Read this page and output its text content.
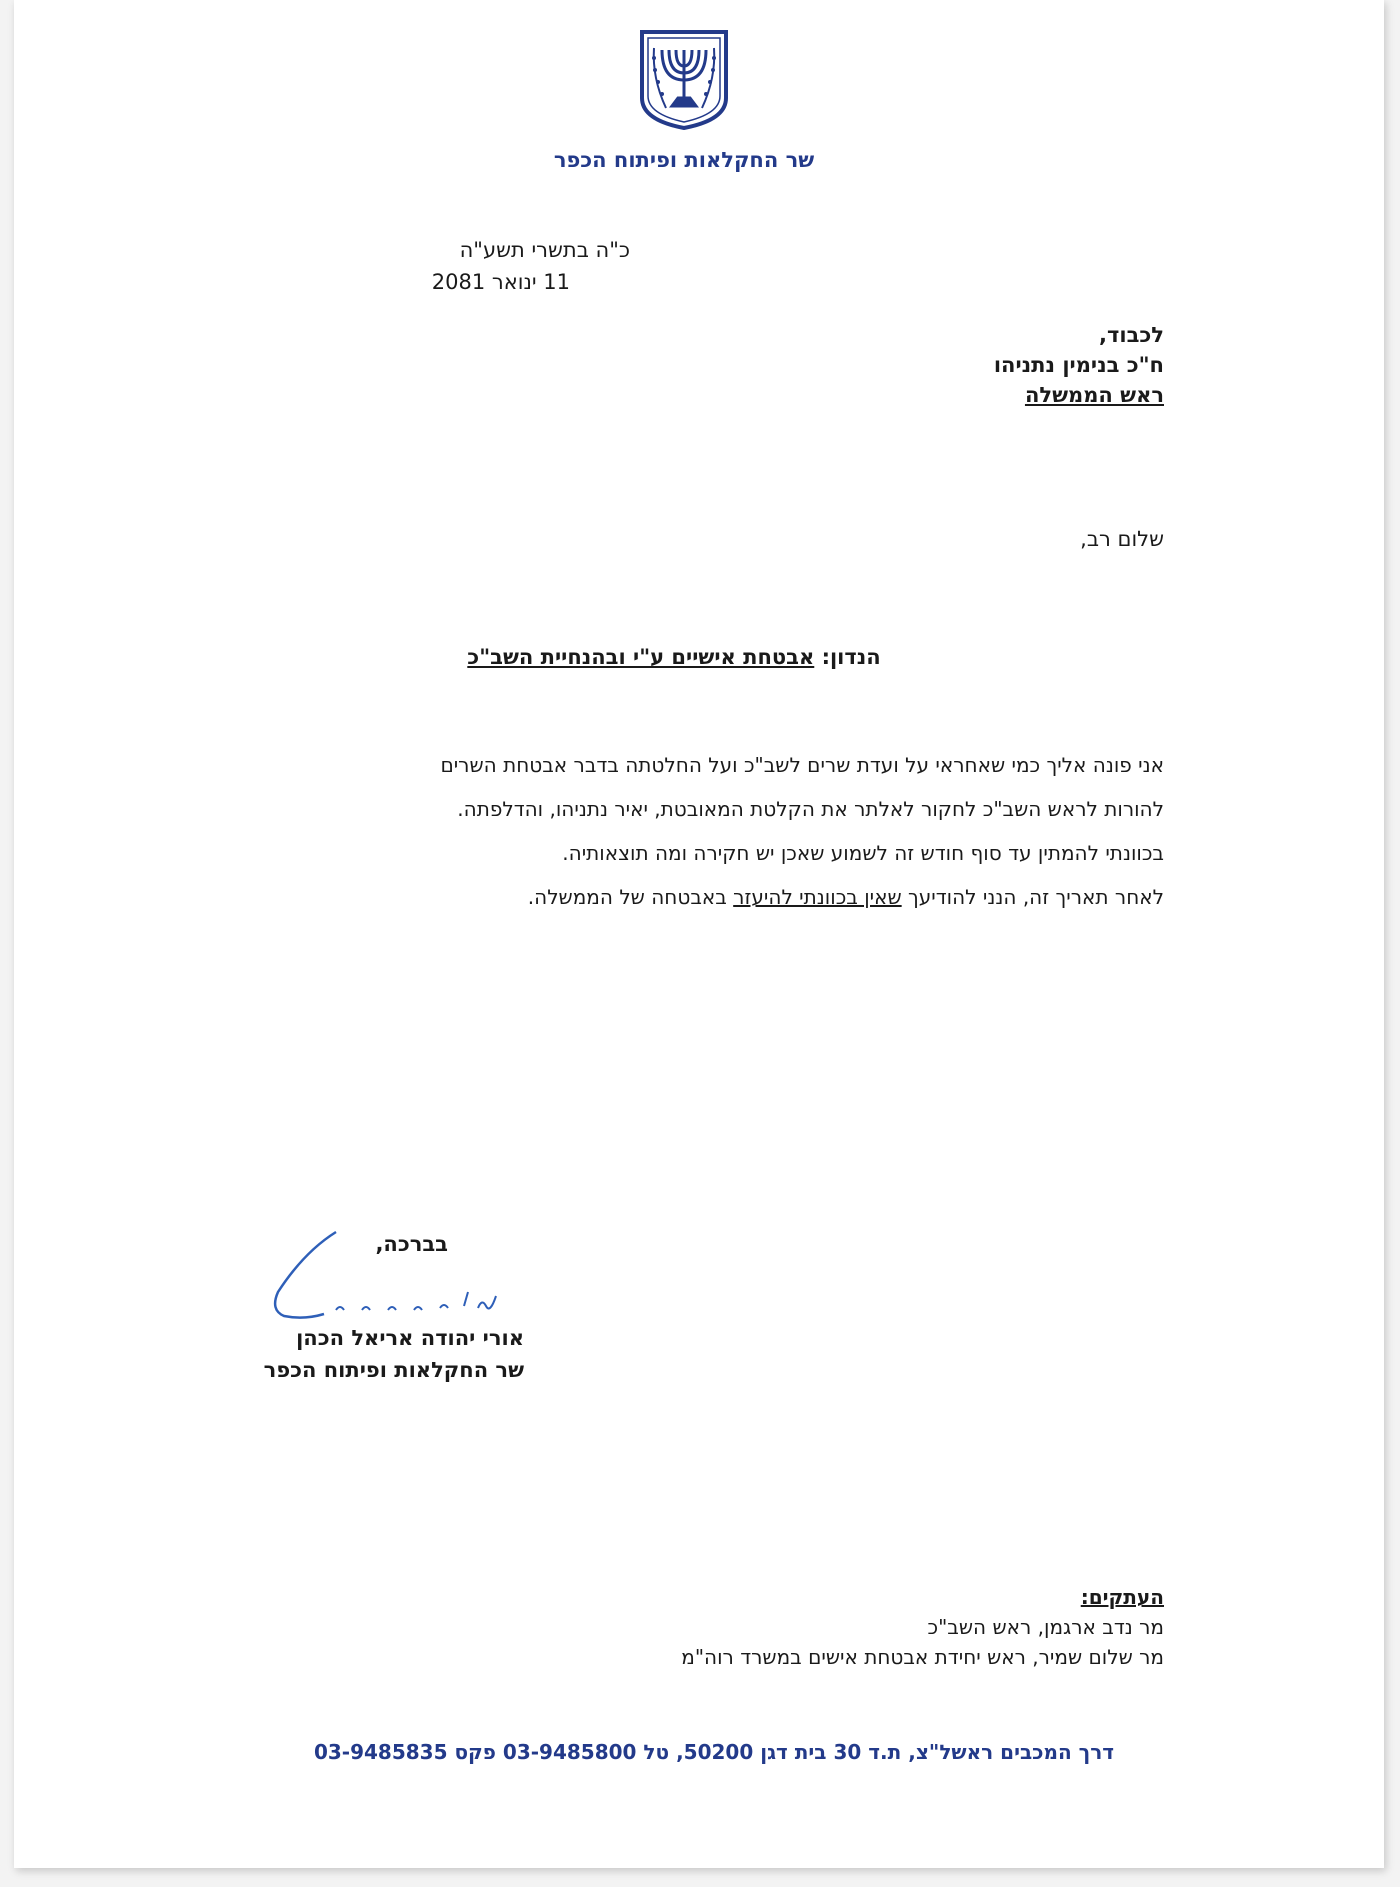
שר החקלאות ופיתוח הכפר
כ"ה בתשרי תשע"ה
11 ינואר 2081
לכבוד,
ח"כ בנימין נתניהו
ראש הממשלה
שלום רב,
הנדון: אבטחת אישיים ע"י ובהנחיית השב"כ
אני פונה אליך כמי שאחראי על ועדת שרים לשב"כ ועל החלטתה בדבר אבטחת השרים
להורות לראש השב"כ לחקור לאלתר את הקלטת המאובטת, יאיר נתניהו, והדלפתה.
בכוונתי להמתין עד סוף חודש זה לשמוע שאכן יש חקירה ומה תוצאותיה.
לאחר תאריך זה, הנני להודיעך שאין בכוונתי להיעזר באבטחה של הממשלה.
בברכה,
אורי יהודה אריאל הכהן
שר החקלאות ופיתוח הכפר
העתקים:
מר נדב ארגמן, ראש השב"כ
מר שלום שמיר, ראש יחידת אבטחת אישים במשרד רוה"מ
דרך המכבים ראשל"צ, ת.ד 30 בית דגן 50200, טל 03-9485800 פקס 03-9485835
